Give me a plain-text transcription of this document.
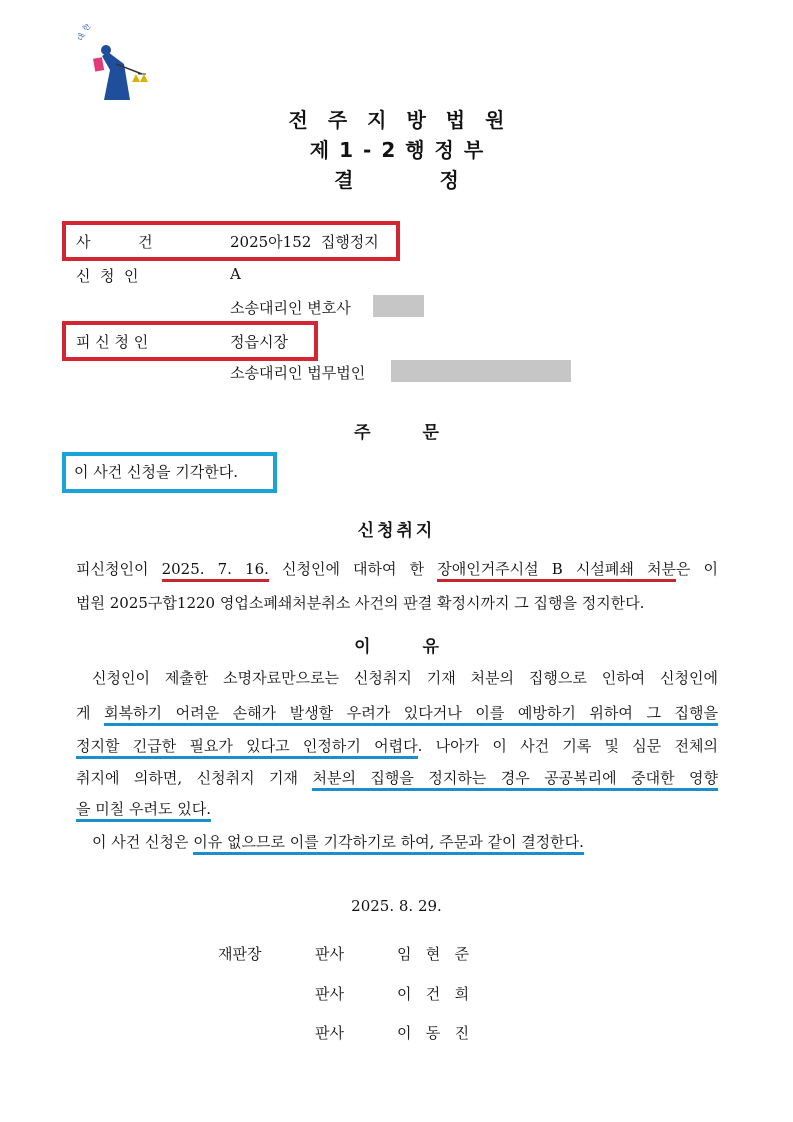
대 한
전주지방법원
제1-2행정부
결	정
사          건	2025아152  집행정지
신  청  인	A
소송대리인 변호사
피 신 청 인	정읍시장
소송대리인 법무법인
주	문
이 사건 신청을 기각한다.
신청취지
피신청인이 2025. 7. 16. 신청인에 대하여 한 장애인거주시설 B 시설폐쇄 처분은 이
법원 2025구합1220 영업소폐쇄처분취소 사건의 판결 확정시까지 그 집행을 정지한다.
이	유
신청인이 제출한 소명자료만으로는 신청취지 기재 처분의 집행으로 인하여 신청인에
게 회복하기 어려운 손해가 발생할 우려가 있다거나 이를 예방하기 위하여 그 집행을
정지할 긴급한 필요가 있다고 인정하기 어렵다. 나아가 이 사건 기록 및 심문 전체의
취지에 의하면, 신청취지 기재 처분의 집행을 정지하는 경우 공공복리에 중대한 영향
을 미칠 우려도 있다.
이 사건 신청은 이유 없으므로 이를 기각하기로 하여, 주문과 같이 결정한다.
2025. 8. 29.
재판장	판사	임   현   준
판사	이   건   희
판사	이   동   진
